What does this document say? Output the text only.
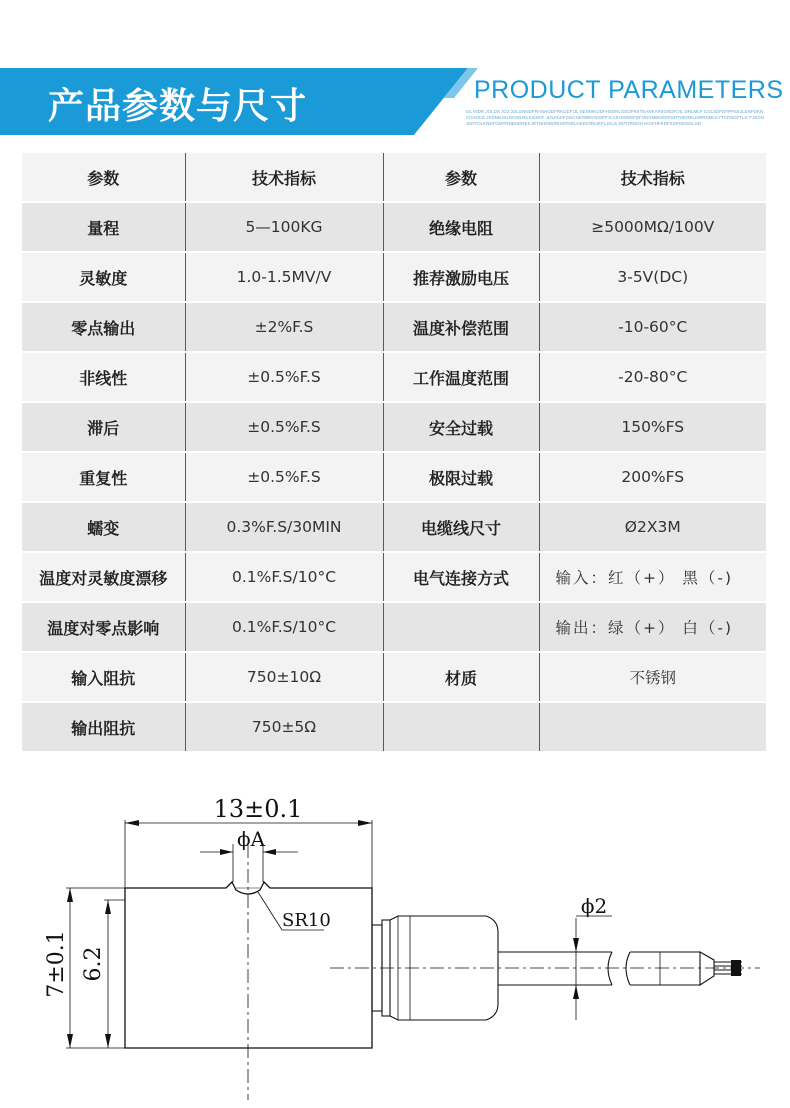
产品参数与尺寸	PRODUCT PARAMETERS
OL INDR JOLDX JOJ JOLGNNDFRANHODFRKGDFIJL SENWKODFHSDNLGEDFRKTEANKAFBGNDFOIL DRLMLF COLSDFDFPPSEJLENFDKNCHANCE JSDNNJKLDFSNJKLKNSDF JLNAKDFGNCNKWRKHDSFPJVJJHSNNSFDFIJNVMBNSDFGRTHERELKWRNMLKYTCRSDFTLG FJSGNJKNTOLKNDFGMTRNBHDREKJRTNHNNSRHSPNRLHKDCRNJKFLJKLS JKFGRNOH IKGFHFKDFXSPOINVALSD
参数	技术指标	参数	技术指标
量程	5—100KG	绝缘电阻	≥5000MΩ/100V
灵敏度	1.0-1.5MV/V	推荐激励电压	3-5V(DC)
零点输出	±2%F.S	温度补偿范围	-10-60°C
非线性	±0.5%F.S	工作温度范围	-20-80°C
滞后	±0.5%F.S	安全过载	150%FS
重复性	±0.5%F.S	极限过载	200%FS
蠕变	0.3%F.S/30MIN	电缆线尺寸	Ø2X3M
温度对灵敏度漂移	0.1%F.S/10°C	电气连接方式	输入：红（+） 黑（-)
温度对零点影响	0.1%F.S/10°C		输出：绿（+） 白（-)
输入阻抗	750±10Ω	材质	不锈钢
输出阻抗	750±5Ω		
13±0.1
ϕA
SR10
7±0.1 6.2
ϕ2
